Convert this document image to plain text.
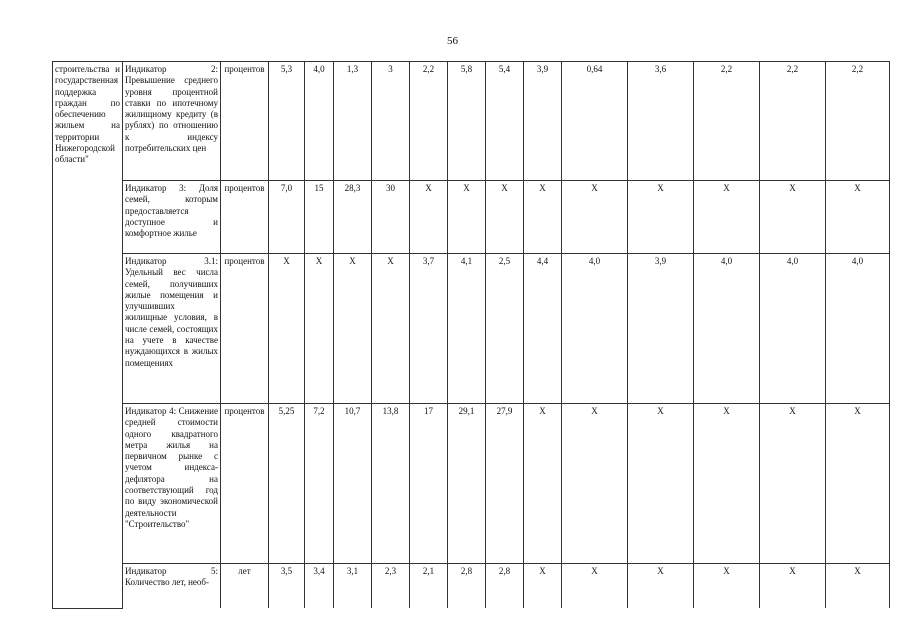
56
строительства и государственная поддержка граждан по обеспечению жильем на территории Нижегородской области"	Индикатор 2: Превышение среднего уровня процентной ставки по ипотечному жилищному кредиту (в рублях) по отношению к индексу потребительских цен	процентов	5,3	4,0	1,3	3	2,2	5,8	5,4	3,9	0,64	3,6	2,2	2,2	2,2
	Индикатор 3: Доля семей, которым предоставляется доступное и комфортное жилье	процентов	7,0	15	28,3	30	X	X	X	X	X	X	X	X	X
	Индикатор 3.1: Удельный вес числа семей, получивших жилые помещения и улучшивших жилищные условия, в числе семей, состоящих на учете в качестве нуждающихся в жилых помещениях	процентов	X	X	X	X	3,7	4,1	2,5	4,4	4,0	3,9	4,0	4,0	4,0
	Индикатор 4: Снижение средней стоимости одного квадратного метра жилья на первичном рынке с учетом индекса-дефлятора на соответствующий год по виду экономической деятельности "Строительство"	процентов	5,25	7,2	10,7	13,8	17	29,1	27,9	X	X	X	X	X	X
	Индикатор 5: Количество лет, необ-	лет	3,5	3,4	3,1	2,3	2,1	2,8	2,8	X	X	X	X	X	X
